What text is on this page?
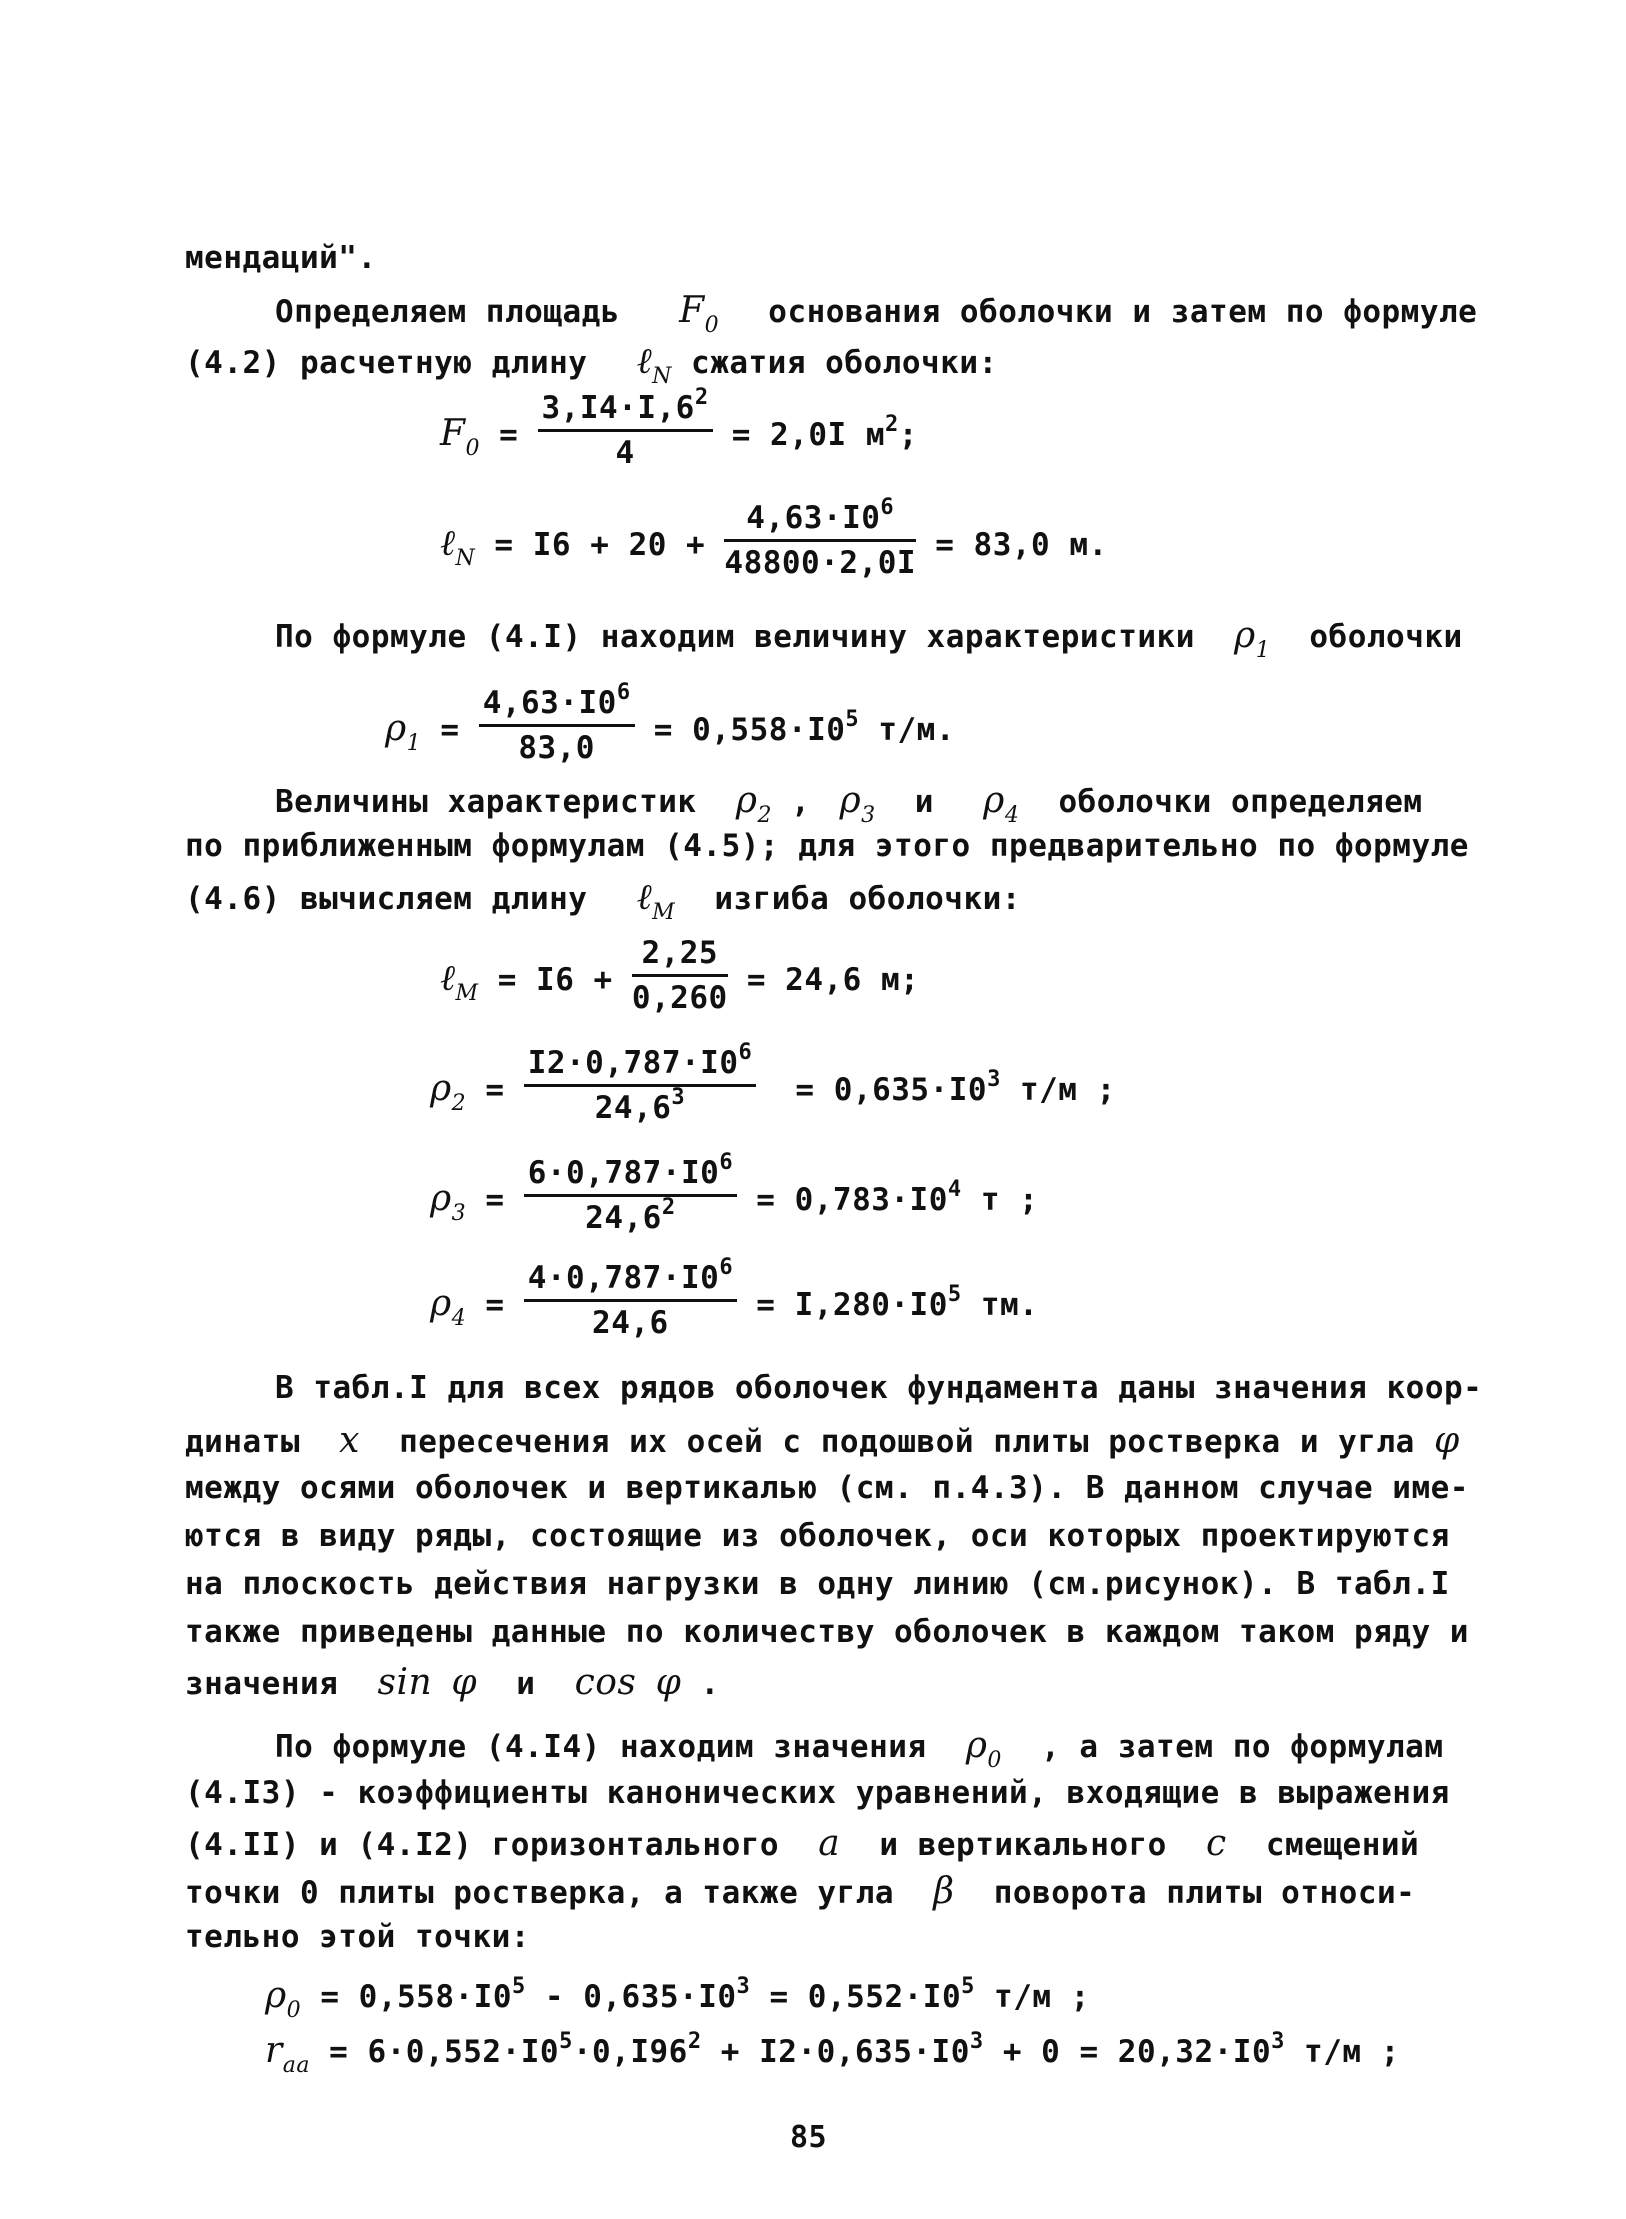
мендаций".
Определяем площадь $F_0$ основания оболочки и затем по формуле
(4.2) расчетную длину ℓ$_N$ сжатия оболочки:
$F_0 = \frac{3,I4\cdot I,6^2}{4} = 2,0I$ $м^2$;
ℓ$_N$ = $I6 + 20 + \frac{4,63\cdot I0^6}{48800\cdot 2,0I} = 83,0$ м.
По формуле (4.I) находим величину характеристики $\rho_1$ оболочки
$\rho_1 = \frac{4,63\cdot I0^6}{83,0} = 0,558\cdot I0^5$ т/м.
Величины характеристик $\rho_2$ , $\rho_3$ и $\rho_4$ оболочки определяем
по приближенным формулам (4.5); для этого предварительно по формуле
(4.6) вычисляем длину ℓ$_M$ изгиба оболочки:
ℓ$_M$ = $I6 + \frac{2,25}{0,260} = 24,6$ м;
$\rho_2 = \frac{I2\cdot 0,787\cdot I0^6}{24,6^3} = 0,635\cdot I0^3$ т/м ;
$\rho_3 = \frac{6\cdot 0,787\cdot I0^6}{24,6^2} = 0,783\cdot I0^4$ т ;
$\rho_4 = \frac{4\cdot 0,787\cdot I0^6}{24,6} = I,280\cdot I0^5$ тм.
В табл.I для всех рядов оболочек фундамента даны значения коор-
динаты x пересечения их осей с подошвой плиты ростверка и угла φ
между осями оболочек и вертикалью (см. п.4.3). В данном случае име-
ются в виду ряды, состоящие из оболочек, оси которых проектируются
на плоскость действия нагрузки в одну линию (см.рисунок). В табл.I
также приведены данные по количеству оболочек в каждом таком ряду и
значения sin φ и cos φ .
По формуле (4.I4) находим значения $\rho_0$ , а затем по формулам
(4.I3) - коэффициенты канонических уравнений, входящие в выражения
(4.II) и (4.I2) горизонтального a и вертикального c смещений
точки 0 плиты ростверка, а также угла β поворота плиты относи-
тельно этой точки:
$\rho_0 = 0,558\cdot I0^5 - 0,635\cdot I0^3 = 0,552\cdot I0^5$ т/м ;
$r_{aa} = 6\cdot 0,552\cdot I0^5\cdot 0,I96^2 + I2\cdot 0,635\cdot I0^3 + 0 = 20,32\cdot I0^3$ т/м ;
85
